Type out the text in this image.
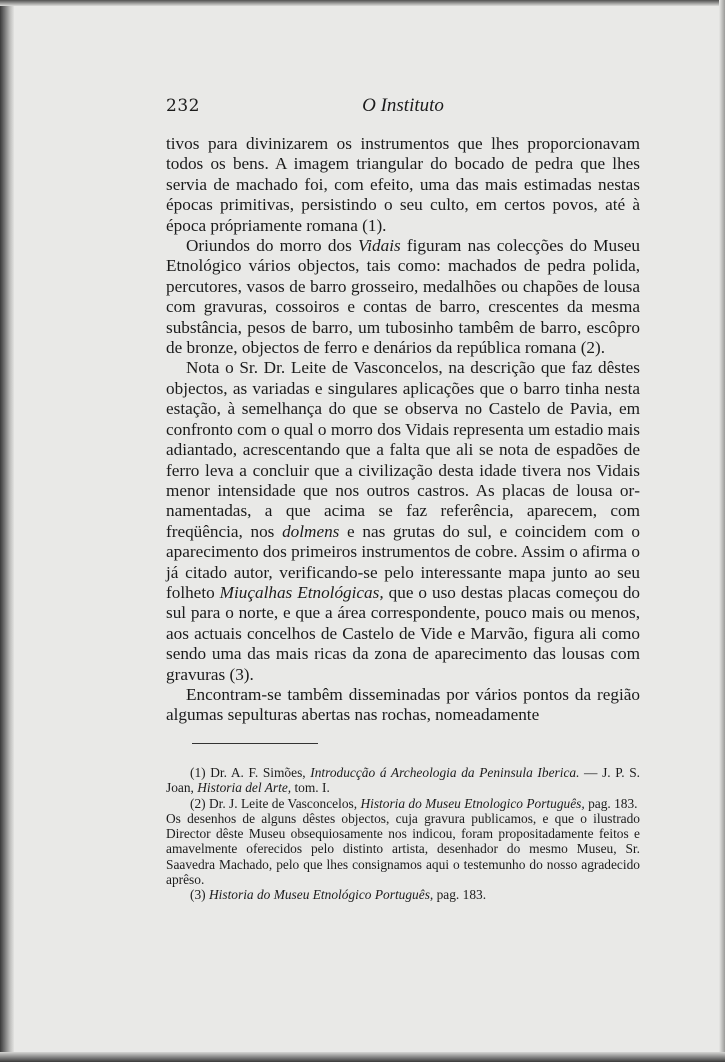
232	O Instituto

tivos para divinizarem os instrumentos que lhes proporcionavam todos os bens. A imagem triangular do bocado de pedra que lhes servia de machado foi, com efeito, uma das mais estimadas nestas épocas primitivas, persistindo o seu culto, em certos povos, até à época própriamente romana (1).

Oriundos do morro dos Vidais figuram nas colecções do Museu Etnológico vários objectos, tais como: machados de pedra polida, percutores, vasos de barro grosseiro, medalhões ou chapões de lousa com gravuras, cossoiros e contas de barro, crescentes da mesma substância, pesos de barro, um tubosinho tambêm de barro, escôpro de bronze, objectos de ferro e denários da república romana (2).

Nota o Sr. Dr. Leite de Vasconcelos, na descrição que faz dêstes objectos, as variadas e singulares aplicações que o barro tinha nesta estação, à semelhança do que se observa no Castelo de Pavia, em confronto com o qual o morro dos Vidais representa um estadio mais adiantado, acrescentando que a falta que ali se nota de espadões de ferro leva a concluir que a civilização desta idade tivera nos Vidais menor intensidade que nos outros castros. As placas de lousa ornamentadas, a que acima se faz referência, aparecem, com freqüência, nos dolmens e nas grutas do sul, e coincidem com o aparecimento dos primeiros instrumentos de cobre. Assim o afirma o já citado autor, verificando-se pelo interessante mapa junto ao seu folheto Miuçalhas Etnológicas, que o uso destas placas começou do sul para o norte, e que a área correspondente, pouco mais ou menos, aos actuais concelhos de Castelo de Vide e Marvão, figura ali como sendo uma das mais ricas da zona de aparecimento das lousas com gravuras (3).

Encontram-se tambêm disseminadas por vários pontos da região algumas sepulturas abertas nas rochas, nomeadamente

(1) Dr. A. F. Simões, Introducção á Archeologia da Peninsula Iberica. — J. P. S. Joan, Historia del Arte, tom. I.

(2) Dr. J. Leite de Vasconcelos, Historia do Museu Etnologico Português, pag. 183.

Os desenhos de alguns dêstes objectos, cuja gravura publicamos, e que o ilustrado Director dêste Museu obsequiosamente nos indicou, foram propositadamente feitos e amavelmente oferecidos pelo distinto artista, desenhador do mesmo Museu, Sr. Saavedra Machado, pelo que lhes consignamos aqui o testemunho do nosso agradecido aprêso.

(3) Historia do Museu Etnológico Português, pag. 183.
